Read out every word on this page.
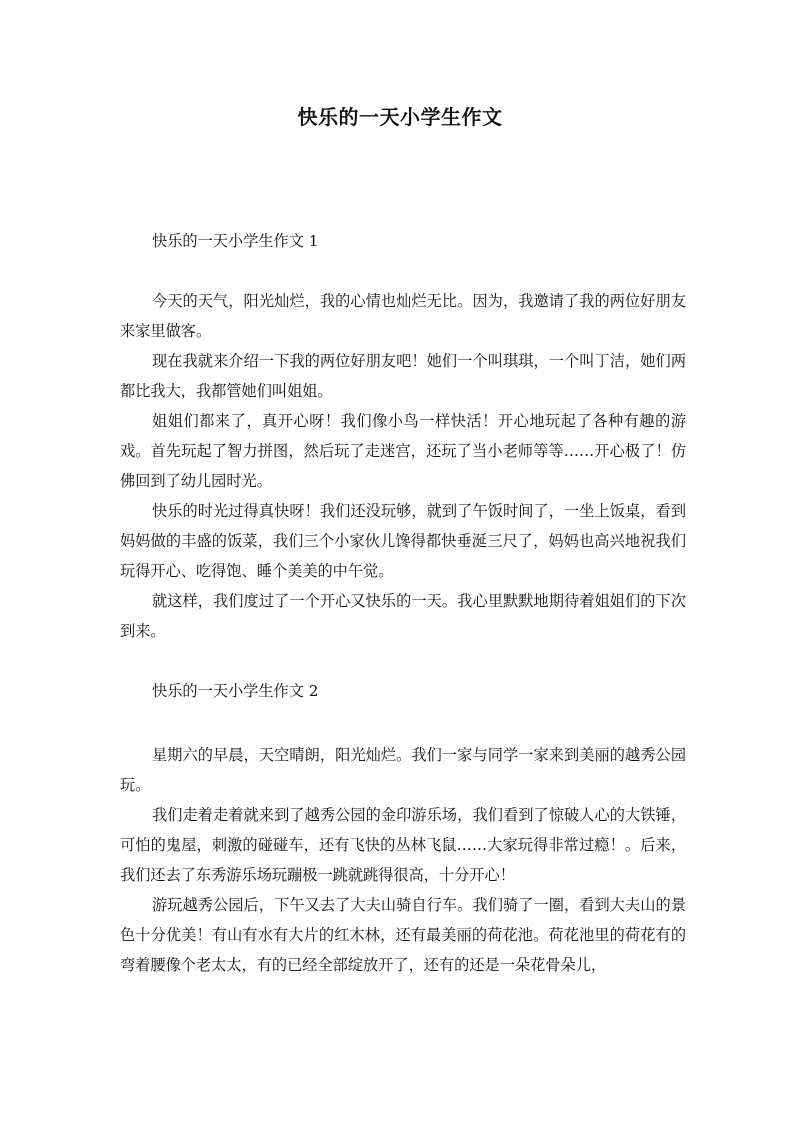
快乐的一天小学生作文
快乐的一天小学生作文 1

今天的天气，阳光灿烂，我的心情也灿烂无比。因为，我邀请了我的两位好朋友来家里做客。

现在我就来介绍一下我的两位好朋友吧！她们一个叫琪琪，一个叫丁洁，她们两都比我大，我都管她们叫姐姐。

姐姐们都来了，真开心呀！我们像小鸟一样快活！开心地玩起了各种有趣的游戏。首先玩起了智力拼图，然后玩了走迷宫，还玩了当小老师等等……开心极了！仿佛回到了幼儿园时光。

快乐的时光过得真快呀！我们还没玩够，就到了午饭时间了，一坐上饭桌，看到妈妈做的丰盛的饭菜，我们三个小家伙儿馋得都快垂涎三尺了，妈妈也高兴地祝我们玩得开心、吃得饱、睡个美美的中午觉。

就这样，我们度过了一个开心又快乐的一天。我心里默默地期待着姐姐们的下次到来。

快乐的一天小学生作文 2

星期六的早晨，天空晴朗，阳光灿烂。我们一家与同学一家来到美丽的越秀公园玩。

我们走着走着就来到了越秀公园的金印游乐场，我们看到了惊破人心的大铁锤，可怕的鬼屋，刺激的碰碰车，还有飞快的丛林飞鼠……大家玩得非常过瘾！。后来，我们还去了东秀游乐场玩蹦极一跳就跳得很高，十分开心！

游玩越秀公园后，下午又去了大夫山骑自行车。我们骑了一圈，看到大夫山的景色十分优美！有山有水有大片的红木林，还有最美丽的荷花池。荷花池里的荷花有的弯着腰像个老太太，有的已经全部绽放开了，还有的还是一朵花骨朵儿，
